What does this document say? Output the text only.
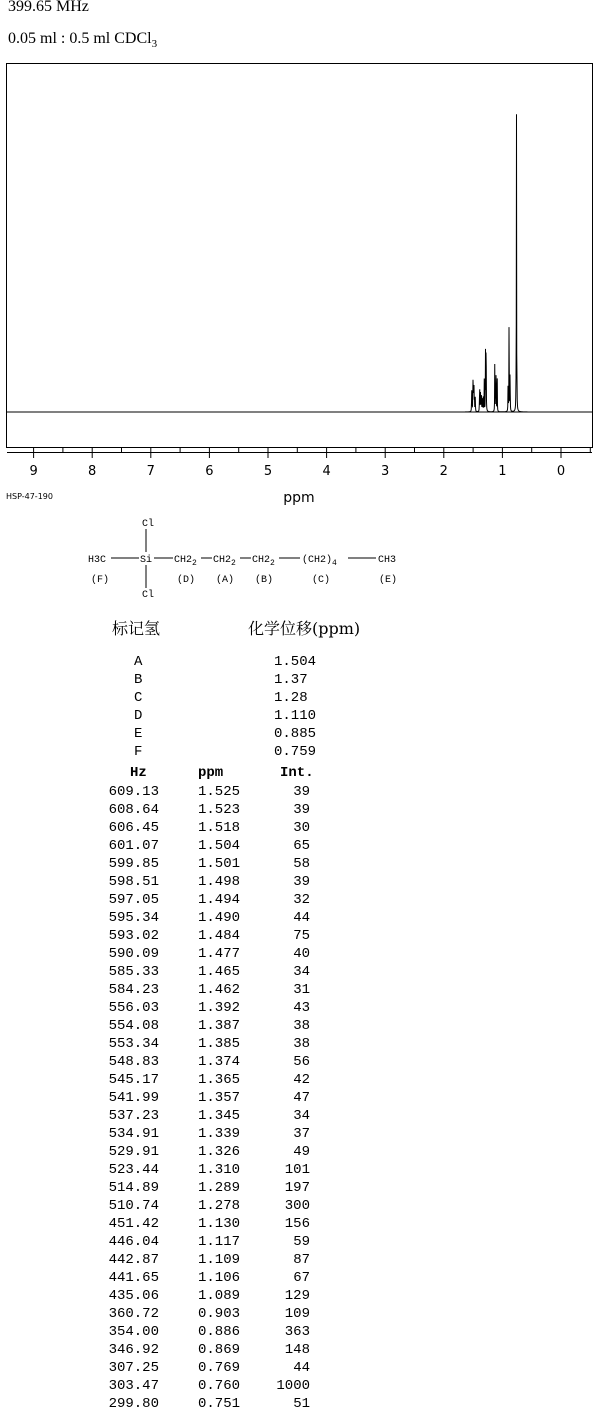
399.65 MHz
0.05 ml : 0.5 ml CDCl$_3$
9	8	7	6	5	4	3	2	1	0
ppm
HSP-47-190
Cl
H3C	Si $CH2_2$ $CH2_2$ $CH2_2$	$(CH2)_4$	CH3
Cl
(F)	(D) (A) (B)	(C)	(E)
标记氢	化学位移(ppm)
A	1.504
B	1.37
C	1.28
D	1.110
E	0.885
F	0.759
Hz	ppm	Int.
609.13	1.525	39
608.64	1.523	39
606.45	1.518	30
601.07	1.504	65
599.85	1.501	58
598.51	1.498	39
597.05	1.494	32
595.34	1.490	44
593.02	1.484	75
590.09	1.477	40
585.33	1.465	34
584.23	1.462	31
556.03	1.392	43
554.08	1.387	38
553.34	1.385	38
548.83	1.374	56
545.17	1.365	42
541.99	1.357	47
537.23	1.345	34
534.91	1.339	37
529.91	1.326	49
523.44	1.310	101
514.89	1.289	197
510.74	1.278	300
451.42	1.130	156
446.04	1.117	59
442.87	1.109	87
441.65	1.106	67
435.06	1.089	129
360.72	0.903	109
354.00	0.886	363
346.92	0.869	148
307.25	0.769	44
303.47	0.760	1000
299.80	0.751	51
